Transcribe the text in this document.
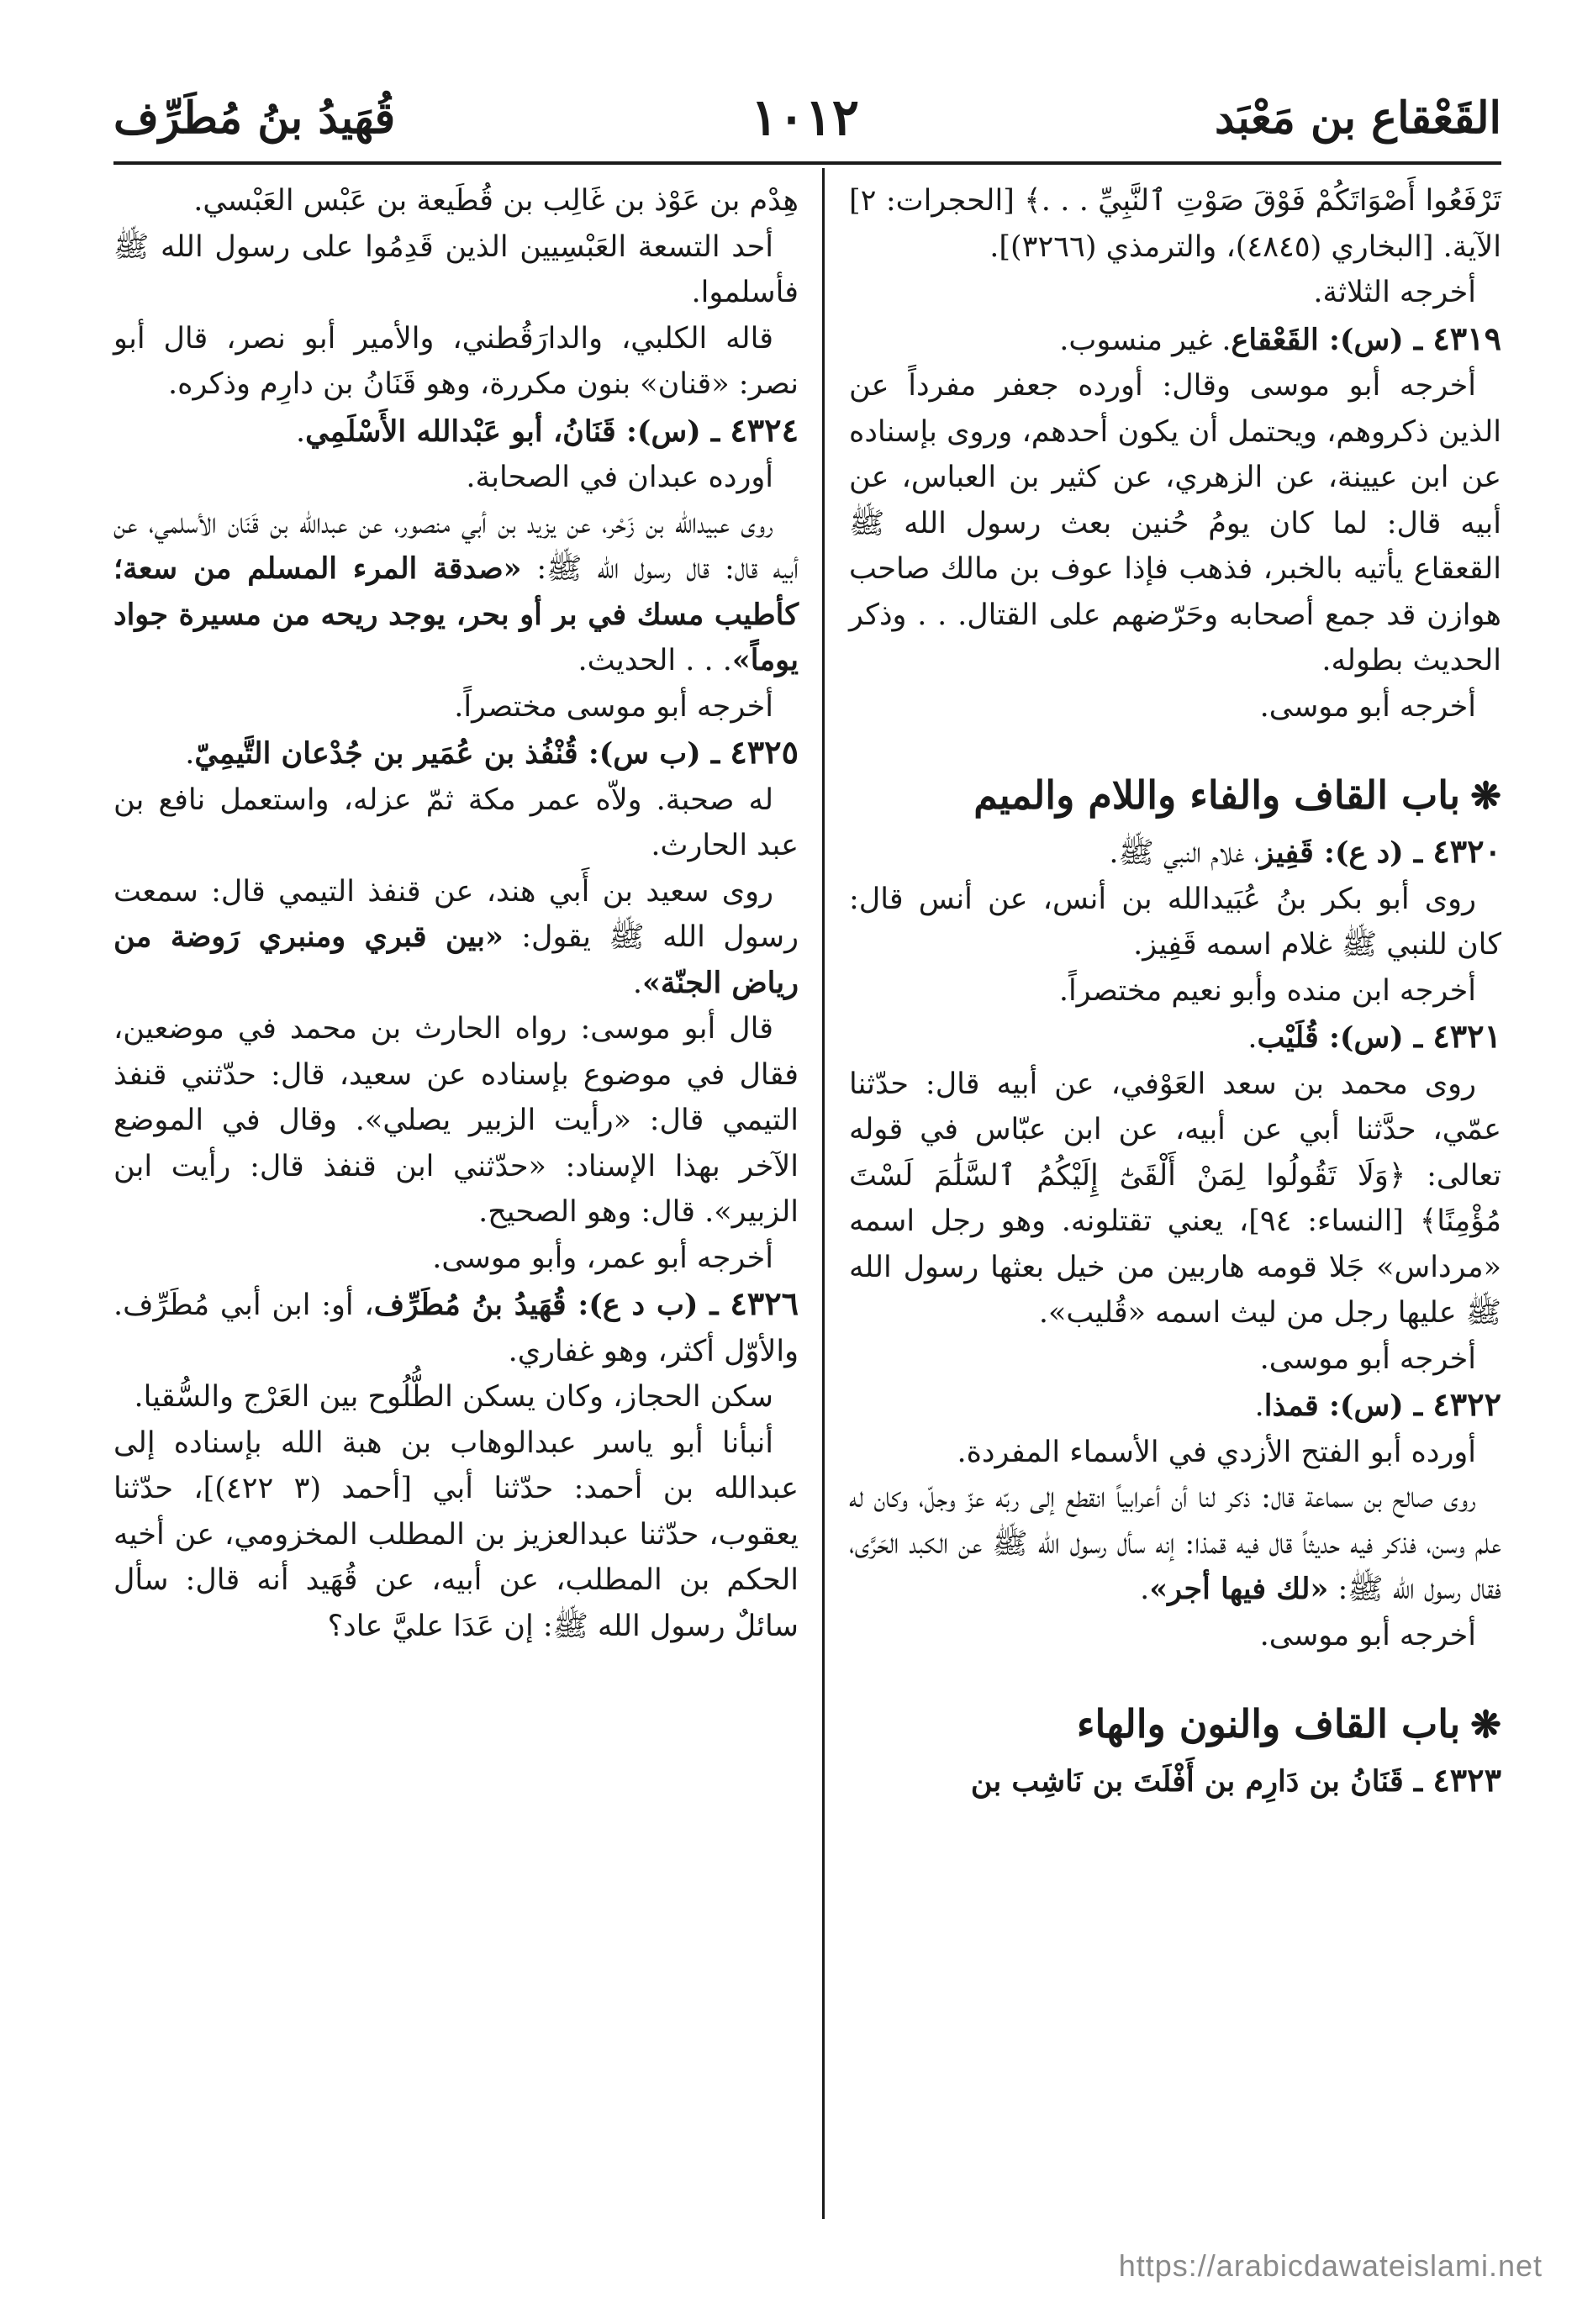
القَعْقاع بن مَعْبَد
١٠١٢
قُهَيدُ بنُ مُطَرِّف

تَرْفَعُوا أَصْوَاتَكُمْ فَوْقَ صَوْتِ ٱلنَّبِيِّ . . .﴾ [الحجرات: ٢] الآية. [البخاري (٤٨٤٥)، والترمذي (٣٢٦٦)].

أخرجه الثلاثة.

٤٣١٩ ـ (س): القَعْقاع. غير منسوب.

أخرجه أبو موسى وقال: أورده جعفر مفرداً عن الذين ذكروهم، ويحتمل أن يكون أحدهم، وروى بإسناده عن ابن عيينة، عن الزهري، عن كثير بن العباس، عن أبيه قال: لما كان يومُ حُنين بعث رسول الله ﷺ القعقاع يأتيه بالخبر، فذهب فإذا عوف بن مالك صاحب هوازن قد جمع أصحابه وحَرّضهم على القتال. . . وذكر الحديث بطوله.

أخرجه أبو موسى.

❋باب القاف والفاء واللام والميم

٤٣٢٠ ـ (د ع): قَفِيز، غلام النبي ﷺ.

روى أبو بكر بنُ عُبَيدالله بن أنس، عن أنس قال: كان للنبي ﷺ غلام اسمه قَفِيز.

أخرجه ابن منده وأبو نعيم مختصراً.

٤٣٢١ ـ (س): قُلَيْب.

روى محمد بن سعد العَوْفي، عن أبيه قال: حدّثنا عمّي، حدَّثنا أبي عن أبيه، عن ابن عبّاس في قوله تعالى: ﴿وَلَا تَقُولُوا لِمَنْ أَلْقَىٰٓ إِلَيْكُمُ ٱلسَّلَٰمَ لَسْتَ مُؤْمِنًا﴾ [النساء: ٩٤]، يعني تقتلونه. وهو رجل اسمه «مرداس» جَلا قومه هاربين من خيل بعثها رسول الله ﷺ عليها رجل من ليث اسمه «قُليب».

أخرجه أبو موسى.

٤٣٢٢ ـ (س): قمذا.

أورده أبو الفتح الأزدي في الأسماء المفردة.

روى صالح بن سماعة قال: ذكر لنا أن أعرابياً انقطع إلى ربّه عزّ وجلّ، وكان له علم وسن، فذكر فيه حديثاً قال فيه قمذا: إنه سأل رسول الله ﷺ عن الكبد الحَرَّى، فقال رسول الله ﷺ: «لك فيها أجر».

أخرجه أبو موسى.

❋باب القاف والنون والهاء

٤٣٢٣ ـ قَنَانُ بن دَارِم بن أَفْلَتَ بن نَاشِب بن

هِدْم بن عَوْذ بن غَالِب بن قُطَيعة بن عَبْس العَبْسي.

أحد التسعة العَبْسِيين الذين قَدِمُوا على رسول الله ﷺ فأسلموا.

قاله الكلبي، والدارَقُطني، والأمير أبو نصر، قال أبو نصر: «قنان» بنون مكررة، وهو قَنَانُ بن دارِم وذكره.

٤٣٢٤ ـ (س): قَنَانُ، أبو عَبْدالله الأَسْلَمِي.

أورده عبدان في الصحابة.

روى عبيدالله بن زَحْر، عن يزيد بن أبي منصور، عن عبدالله بن قَنَان الأسلمي، عن أبيه قال: قال رسول الله ﷺ: «صدقة المرء المسلم من سعة؛ كأطيب مسك في بر أو بحر، يوجد ريحه من مسيرة جواد يوماً». . . الحديث.

أخرجه أبو موسى مختصراً.

٤٣٢٥ ـ (ب س): قُنْفُذ بن عُمَير بن جُدْعان التَّيمِيّ.

له صحبة. ولاّه عمر مكة ثمّ عزله، واستعمل نافع بن عبد الحارث.

روى سعيد بن أَبي هند، عن قنفذ التيمي قال: سمعت رسول الله ﷺ يقول: «بين قبري ومنبري رَوضة من رياض الجنّة».

قال أبو موسى: رواه الحارث بن محمد في موضعين، فقال في موضوع بإسناده عن سعيد، قال: حدّثني قنفذ التيمي قال: «رأيت الزبير يصلي». وقال في الموضع الآخر بهذا الإسناد: «حدّثني ابن قنفذ قال: رأيت ابن الزبير». قال: وهو الصحيح.

أخرجه أبو عمر، وأبو موسى.

٤٣٢٦ ـ (ب د ع): قُهَيدُ بنُ مُطَرِّف، أو: ابن أبي مُطَرِّف. والأوّل أكثر، وهو غفاري.

سكن الحجاز، وكان يسكن الطُّلُوح بين العَرْج والسُّقيا.

أنبأنا أبو ياسر عبدالوهاب بن هبة الله بإسناده إلى عبدالله بن أحمد: حدّثنا أبي [أحمد (٣ ٤٢٢)]، حدّثنا يعقوب، حدّثنا عبدالعزيز بن المطلب المخزومي، عن أخيه الحكم بن المطلب، عن أبيه، عن قُهَيد أنه قال: سأل سائلٌ رسول الله ﷺ: إن عَدَا عليَّ عاد؟

https://arabicdawateislami.net
